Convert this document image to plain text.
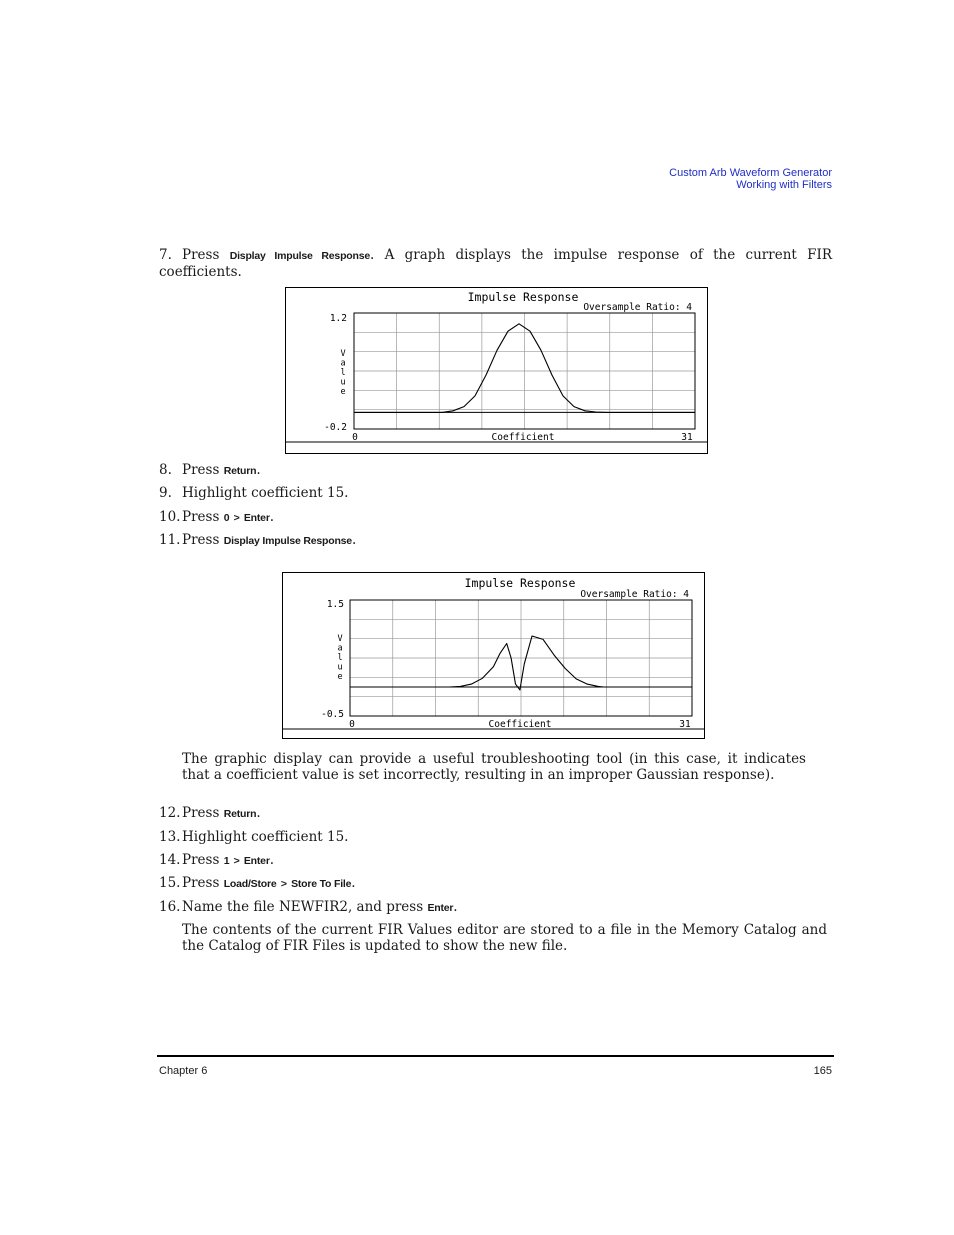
Custom Arb Waveform Generator
Working with Filters
7. Press Display Impulse Response. A graph displays the impulse response of the current FIR coefficients.
Impulse Response
Oversample Ratio: 4
1.2
-0.2
0	31
Coefficient
V a l u e
8. Press Return.
9. Highlight coefficient 15.
10. Press 0 > Enter.
11. Press Display Impulse Response.
Impulse Response
Oversample Ratio: 4
1.5
-0.5
0	31
Coefficient
V a l u e
The graphic display can provide a useful troubleshooting tool (in this case, it indicates that a coefficient value is set incorrectly, resulting in an improper Gaussian response).
12. Press Return.
13. Highlight coefficient 15.
14. Press 1 > Enter.
15. Press Load/Store > Store To File.
16. Name the file NEWFIR2, and press Enter.
The contents of the current FIR Values editor are stored to a file in the Memory Catalog and the Catalog of FIR Files is updated to show the new file.
Chapter 6	165
